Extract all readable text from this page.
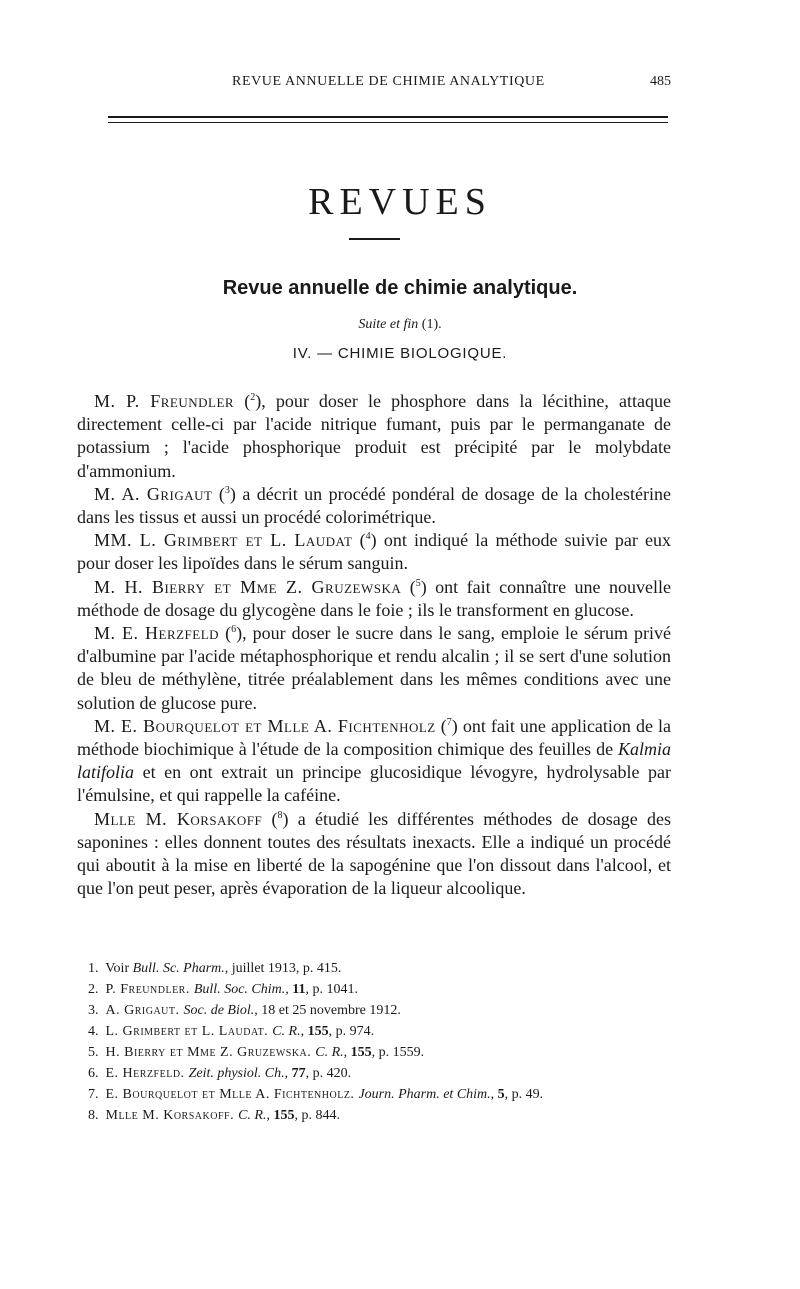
REVUE ANNUELLE DE CHIMIE ANALYTIQUE	485
REVUES
Revue annuelle de chimie analytique.
Suite et fin (1).
IV. — CHIMIE BIOLOGIQUE.

M. P. Freundler ($^2$), pour doser le phosphore dans la lécithine, attaque directement celle-ci par l'acide nitrique fumant, puis par le permanganate de potassium ; l'acide phosphorique produit est précipité par le molybdate d'ammonium.

M. A. Grigaut ($^3$) a décrit un procédé pondéral de dosage de la cholestérine dans les tissus et aussi un procédé colorimétrique.

MM. L. Grimbert et L. Laudat ($^4$) ont indiqué la méthode suivie par eux pour doser les lipoïdes dans le sérum sanguin.

M. H. Bierry et Mme Z. Gruzewska ($^5$) ont fait connaître une nouvelle méthode de dosage du glycogène dans le foie ; ils le transforment en glucose.

M. E. Herzfeld ($^6$), pour doser le sucre dans le sang, emploie le sérum privé d'albumine par l'acide métaphosphorique et rendu alcalin ; il se sert d'une solution de bleu de méthylène, titrée préalablement dans les mêmes conditions avec une solution de glucose pure.

M. E. Bourquelot et Mlle A. Fichtenholz ($^7$) ont fait une application de la méthode biochimique à l'étude de la composition chimique des feuilles de Kalmia latifolia et en ont extrait un principe glucosidique lévogyre, hydrolysable par l'émulsine, et qui rappelle la caféine.

Mlle M. Korsakoff ($^8$) a étudié les différentes méthodes de dosage des saponines : elles donnent toutes des résultats inexacts. Elle a indiqué un procédé qui aboutit à la mise en liberté de la sapogénine que l'on dissout dans l'alcool, et que l'on peut peser, après évaporation de la liqueur alcoolique.

1. Voir Bull. Sc. Pharm., juillet 1913, p. 415.
2. P. Freundler. Bull. Soc. Chim., 11, p. 1041.
3. A. Grigaut. Soc. de Biol., 18 et 25 novembre 1912.
4. L. Grimbert et L. Laudat. C. R., 155, p. 974.
5. H. Bierry et Mme Z. Gruzewska. C. R., 155, p. 1559.
6. E. Herzfeld. Zeit. physiol. Ch., 77, p. 420.
7. E. Bourquelot et Mlle A. Fichtenholz. Journ. Pharm. et Chim., 5, p. 49.
8. Mlle M. Korsakoff. C. R., 155, p. 844.
